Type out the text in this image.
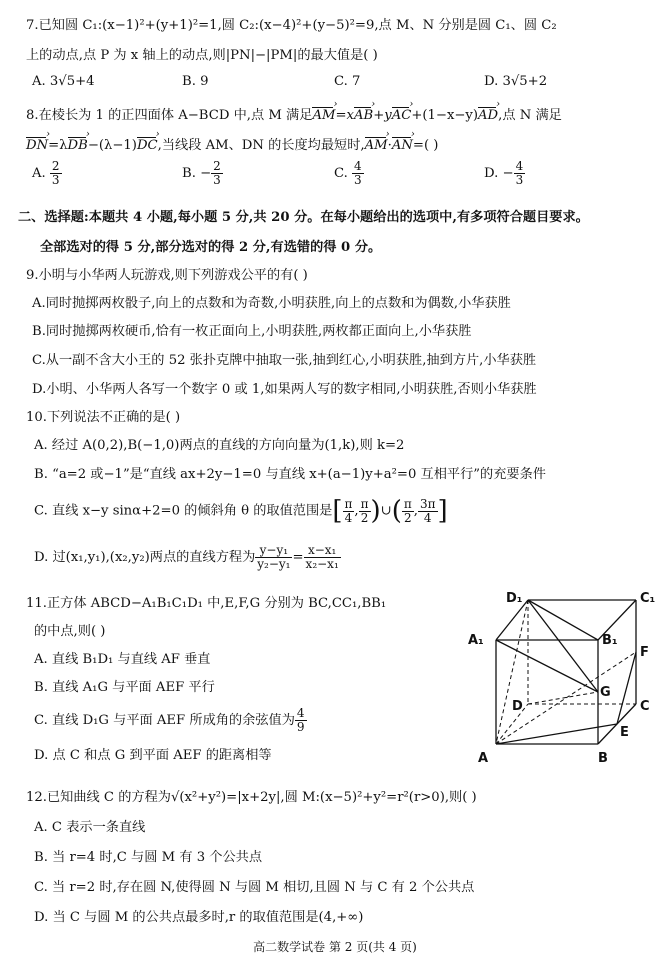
7.已知圆 C₁:(x−1)²+(y+1)²=1,圆 C₂:(x−4)²+(y−5)²=9,点 M、N 分别是圆 C₁、圆 C₂
上的动点,点 P 为 x 轴上的动点,则|PN|−|PM|的最大值是( )
A. 3√5+4	B. 9	C. 7	D. 3√5+2
8.在棱长为 1 的正四面体 A−BCD 中,点 M 满足AM ›=xAB ›+yAC ›+(1−x−y)AD ›,点 N 满足
DN ›=λDB ›−(λ−1)DC ›,当线段 AM、DN 的长度均最短时,AM ›·AN ›=( )
A. $\frac{2}{3}$	B. − $\frac{2}{3}$	C. $\frac{4}{3}$	D. − $\frac{4}{3}$
二、选择题:本题共 4 小题,每小题 5 分,共 20 分。在每小题给出的选项中,有多项符合题目要求。
全部选对的得 5 分,部分选对的得 2 分,有选错的得 0 分。
9.小明与小华两人玩游戏,则下列游戏公平的有( )
A.同时抛掷两枚骰子,向上的点数和为奇数,小明获胜,向上的点数和为偶数,小华获胜
B.同时抛掷两枚硬币,恰有一枚正面向上,小明获胜,两枚都正面向上,小华获胜
C.从一副不含大小王的 52 张扑克牌中抽取一张,抽到红心,小明获胜,抽到方片,小华获胜
D.小明、小华两人各写一个数字 0 或 1,如果两人写的数字相同,小明获胜,否则小华获胜
10.下列说法不正确的是( )
A. 经过 A(0,2),B(−1,0)两点的直线的方向向量为(1,k),则 k=2
B. “a=2 或−1”是“直线 ax+2y−1=0 与直线 x+(a−1)y+a²=0 互相平行”的充要条件
C. 直线 x−y sinα+2=0 的倾斜角 θ 的取值范围是[ $\frac{\pi}{4}$ , $\frac{\pi}{2}$ )∪( $\frac{\pi}{2}$ , $\frac{3\pi}{4}$ ]
D. 过(x₁,y₁),(x₂,y₂)两点的直线方程为 $\frac{\text{y−y₁}}{\text{y₂−y₁}} = \frac{\text{x−x₁}}{\text{x₂−x₁}}$
11.正方体 ABCD−A₁B₁C₁D₁ 中,E,F,G 分别为 BC,CC₁,BB₁
的中点,则( )
A. 直线 B₁D₁ 与直线 AF 垂直
B. 直线 A₁G 与平面 AEF 平行
C. 直线 D₁G 与平面 AEF 所成角的余弦值为 $\frac{4}{9}$
D. 点 C 和点 G 到平面 AEF 的距离相等
D₁	C₁
A₁	B₁
F
G
D	C
E
A	B
12.已知曲线 C 的方程为√(x²+y²)=|x+2y|,圆 M:(x−5)²+y²=r²(r>0),则( )
A. C 表示一条直线
B. 当 r=4 时,C 与圆 M 有 3 个公共点
C. 当 r=2 时,存在圆 N,使得圆 N 与圆 M 相切,且圆 N 与 C 有 2 个公共点
D. 当 C 与圆 M 的公共点最多时,r 的取值范围是(4,+∞)
高二数学试卷 第 2 页(共 4 页)
